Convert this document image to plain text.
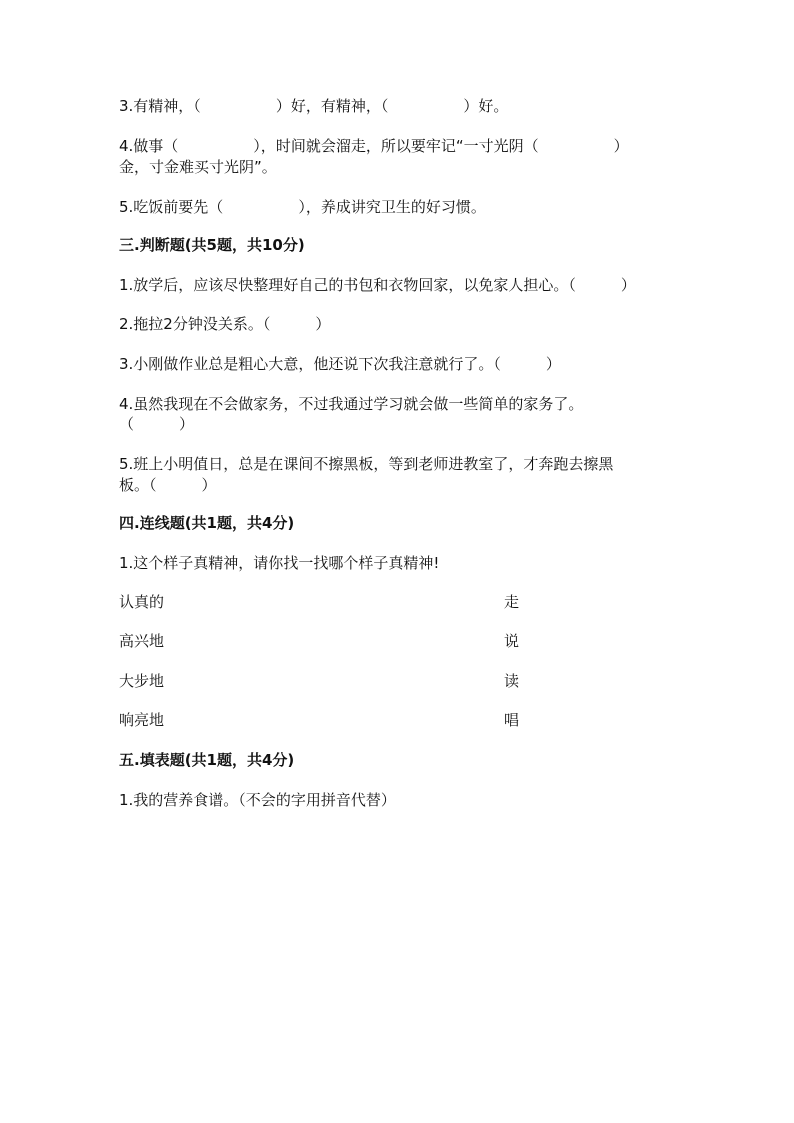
3.有精神，（　　　　　）好，有精神，（　　　　　）好。
4.做事（　　　　　），时间就会溜走，所以要牢记“一寸光阴（　　　　　）
金，寸金难买寸光阴”。
5.吃饭前要先（　　　　　），养成讲究卫生的好习惯。
三.判断题(共5题，共10分)
1.放学后，应该尽快整理好自己的书包和衣物回家，以免家人担心。（　　　）
2.拖拉2分钟没关系。（　　　）
3.小刚做作业总是粗心大意，他还说下次我注意就行了。（　　　）
4.虽然我现在不会做家务，不过我通过学习就会做一些简单的家务了。
（　　　）
5.班上小明值日，总是在课间不擦黑板，等到老师进教室了，才奔跑去擦黑
板。（　　　）
四.连线题(共1题，共4分)
1.这个样子真精神，请你找一找哪个样子真精神!
认真的	走
高兴地	说
大步地	读
响亮地	唱
五.填表题(共1题，共4分)
1.我的营养食谱。（不会的字用拼音代替）
